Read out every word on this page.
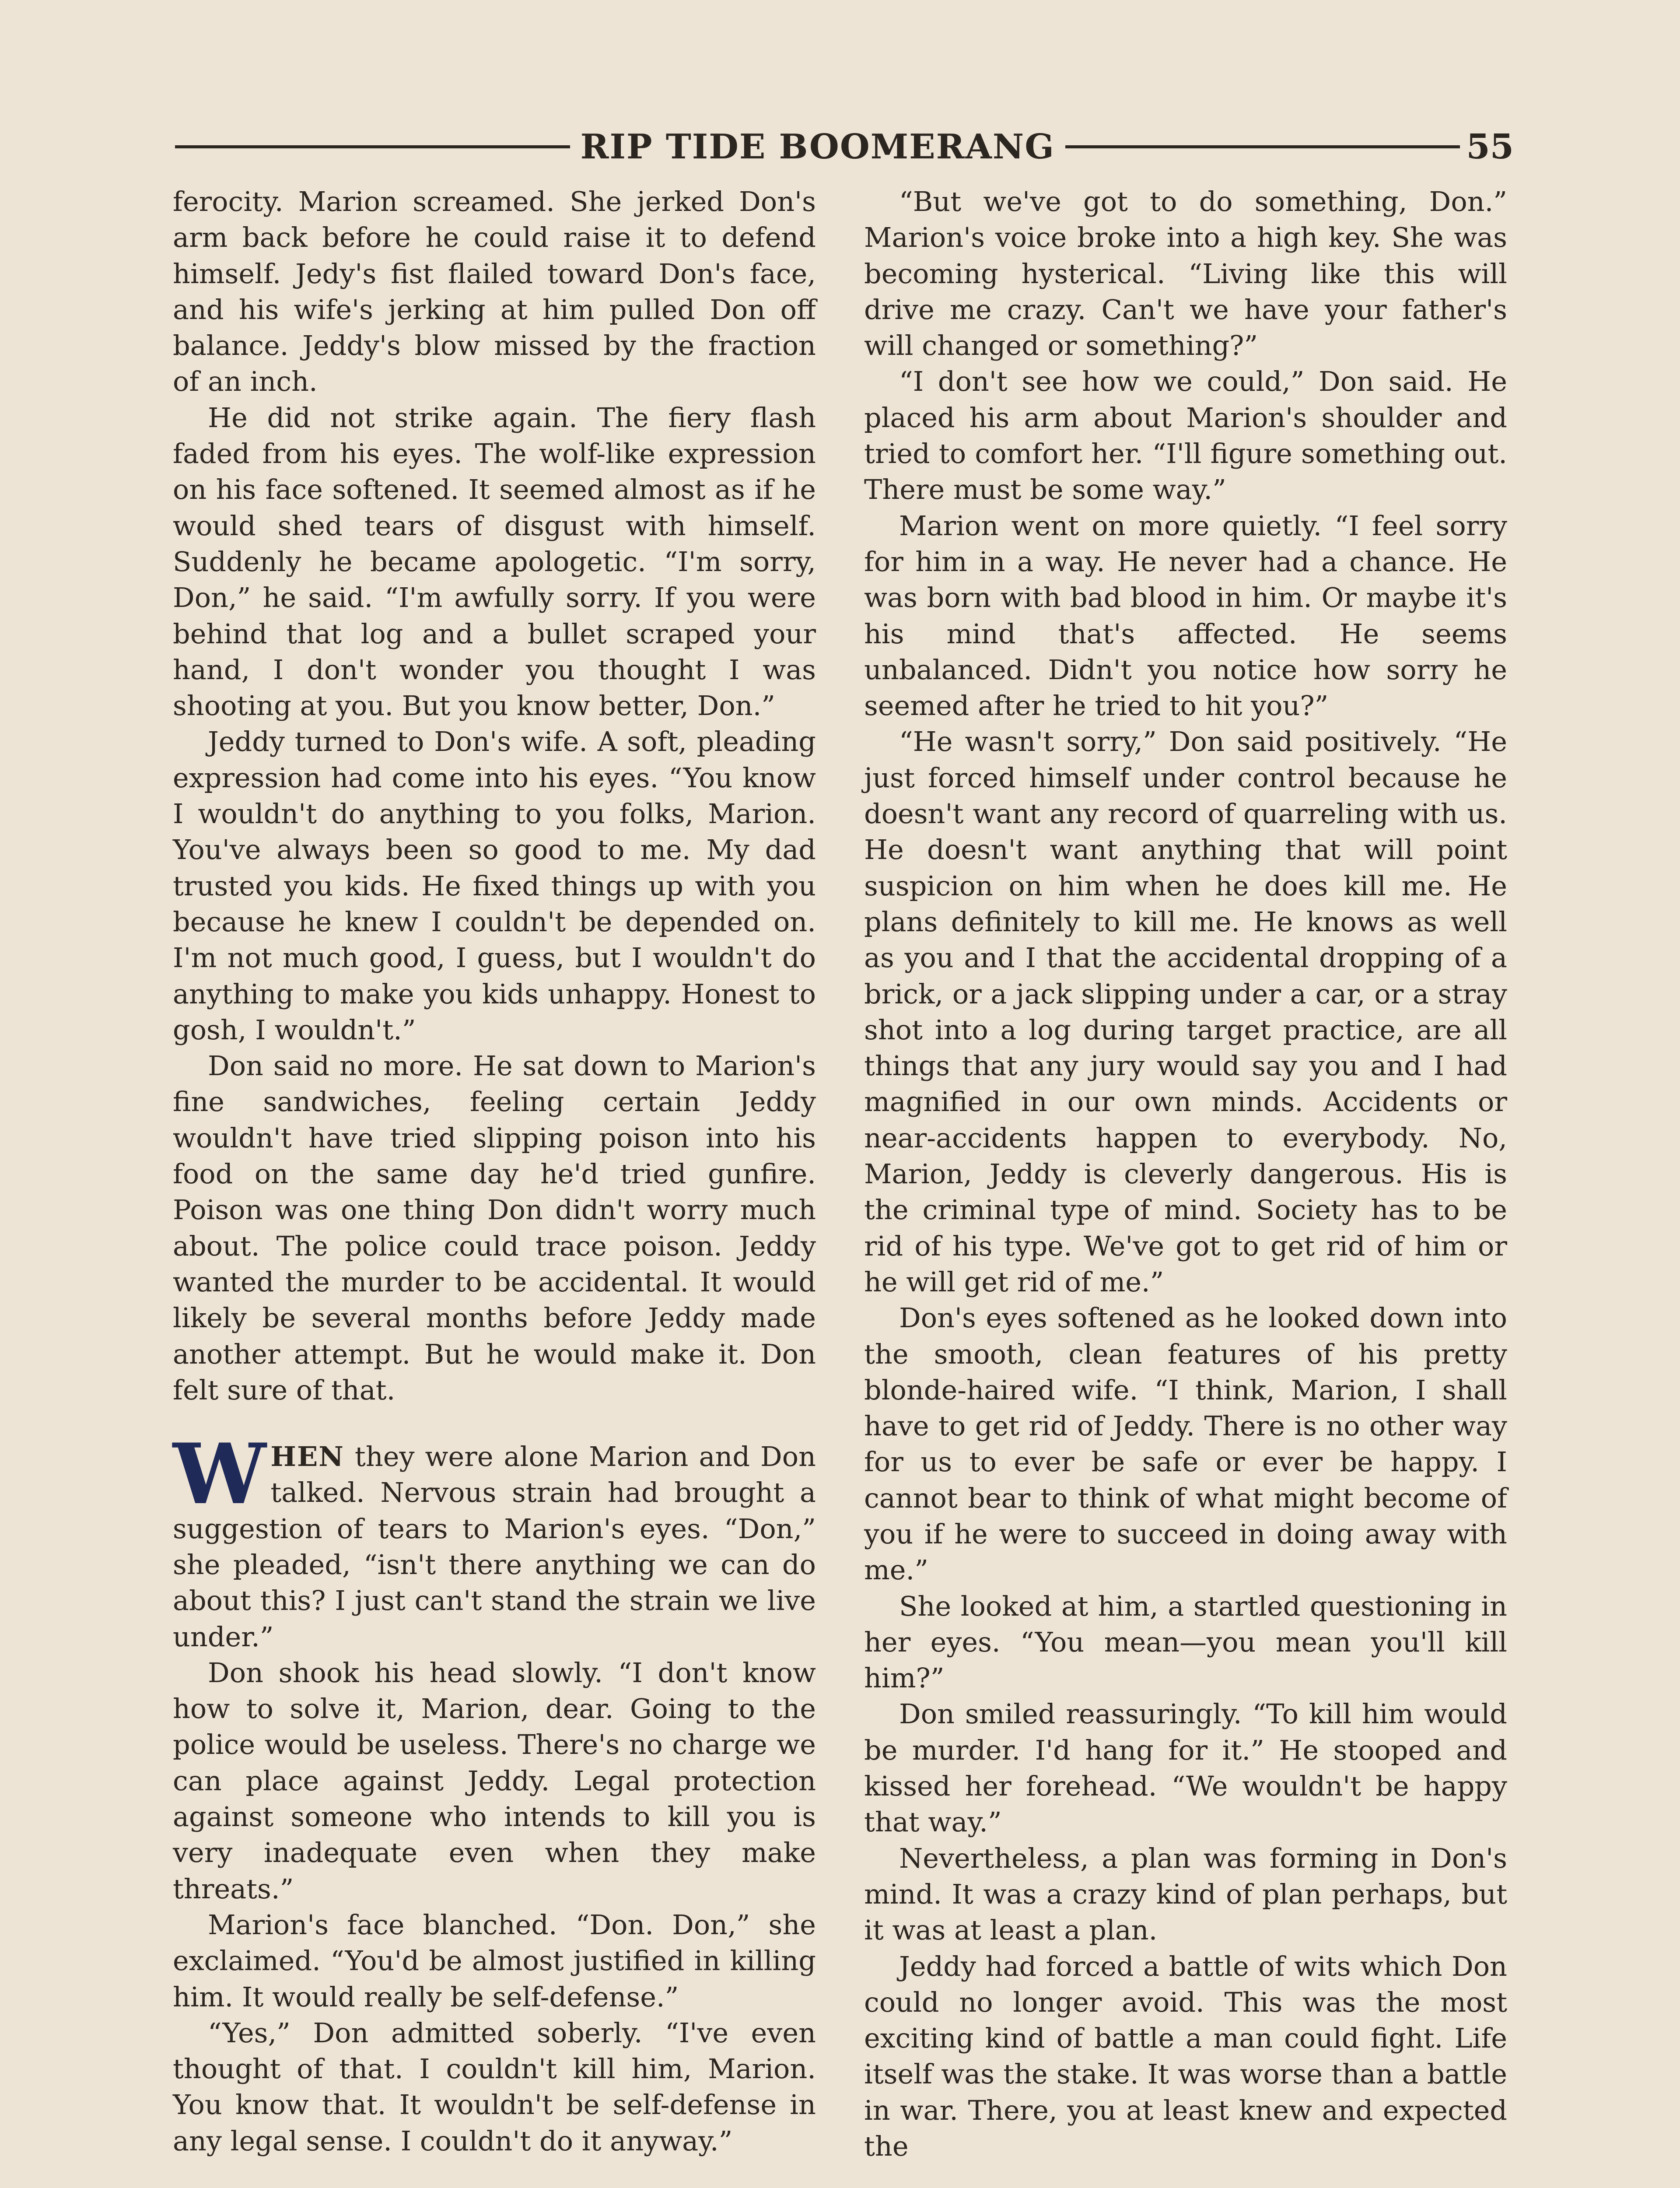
RIP TIDE BOOMERANG	55

ferocity. Marion screamed. She jerked Don's arm back before he could raise it to defend himself. Jedy's fist flailed toward Don's face, and his wife's jerking at him pulled Don off balance. Jeddy's blow missed by the fraction of an inch.

He did not strike again. The fiery flash faded from his eyes. The wolf-like expression on his face softened. It seemed almost as if he would shed tears of disgust with himself. Suddenly he became apologetic. “I'm sorry, Don,” he said. “I'm awfully sorry. If you were behind that log and a bullet scraped your hand, I don't wonder you thought I was shooting at you. But you know better, Don.”

Jeddy turned to Don's wife. A soft, pleading expression had come into his eyes. “You know I wouldn't do anything to you folks, Marion. You've always been so good to me. My dad trusted you kids. He fixed things up with you because he knew I couldn't be depended on. I'm not much good, I guess, but I wouldn't do anything to make you kids unhappy. Honest to gosh, I wouldn't.”

Don said no more. He sat down to Marion's fine sandwiches, feeling certain Jeddy wouldn't have tried slipping poison into his food on the same day he'd tried gunfire. Poison was one thing Don didn't worry much about. The police could trace poison. Jeddy wanted the murder to be accidental. It would likely be several months before Jeddy made another attempt. But he would make it. Don felt sure of that.

WHEN they were alone Marion and Don talked. Nervous strain had brought a suggestion of tears to Marion's eyes. “Don,” she pleaded, “isn't there anything we can do about this? I just can't stand the strain we live under.”

Don shook his head slowly. “I don't know how to solve it, Marion, dear. Going to the police would be useless. There's no charge we can place against Jeddy. Legal protection against someone who intends to kill you is very inadequate even when they make threats.”

Marion's face blanched. “Don. Don,” she exclaimed. “You'd be almost justified in killing him. It would really be self-defense.”

“Yes,” Don admitted soberly. “I've even thought of that. I couldn't kill him, Marion. You know that. It wouldn't be self-defense in any legal sense. I couldn't do it anyway.”

“But we've got to do something, Don.” Marion's voice broke into a high key. She was becoming hysterical. “Living like this will drive me crazy. Can't we have your father's will changed or something?”

“I don't see how we could,” Don said. He placed his arm about Marion's shoulder and tried to comfort her. “I'll figure something out. There must be some way.”

Marion went on more quietly. “I feel sorry for him in a way. He never had a chance. He was born with bad blood in him. Or maybe it's his mind that's affected. He seems unbalanced. Didn't you notice how sorry he seemed after he tried to hit you?”

“He wasn't sorry,” Don said positively. “He just forced himself under control because he doesn't want any record of quarreling with us. He doesn't want anything that will point suspicion on him when he does kill me. He plans definitely to kill me. He knows as well as you and I that the accidental dropping of a brick, or a jack slipping under a car, or a stray shot into a log during target practice, are all things that any jury would say you and I had magnified in our own minds. Accidents or near-accidents happen to everybody. No, Marion, Jeddy is cleverly dangerous. His is the criminal type of mind. Society has to be rid of his type. We've got to get rid of him or he will get rid of me.”

Don's eyes softened as he looked down into the smooth, clean features of his pretty blonde-haired wife. “I think, Marion, I shall have to get rid of Jeddy. There is no other way for us to ever be safe or ever be happy. I cannot bear to think of what might become of you if he were to succeed in doing away with me.”

She looked at him, a startled questioning in her eyes. “You mean—you mean you'll kill him?”

Don smiled reassuringly. “To kill him would be murder. I'd hang for it.” He stooped and kissed her forehead. “We wouldn't be happy that way.”

Nevertheless, a plan was forming in Don's mind. It was a crazy kind of plan perhaps, but it was at least a plan.

Jeddy had forced a battle of wits which Don could no longer avoid. This was the most exciting kind of battle a man could fight. Life itself was the stake. It was worse than a battle in war. There, you at least knew and expected the
